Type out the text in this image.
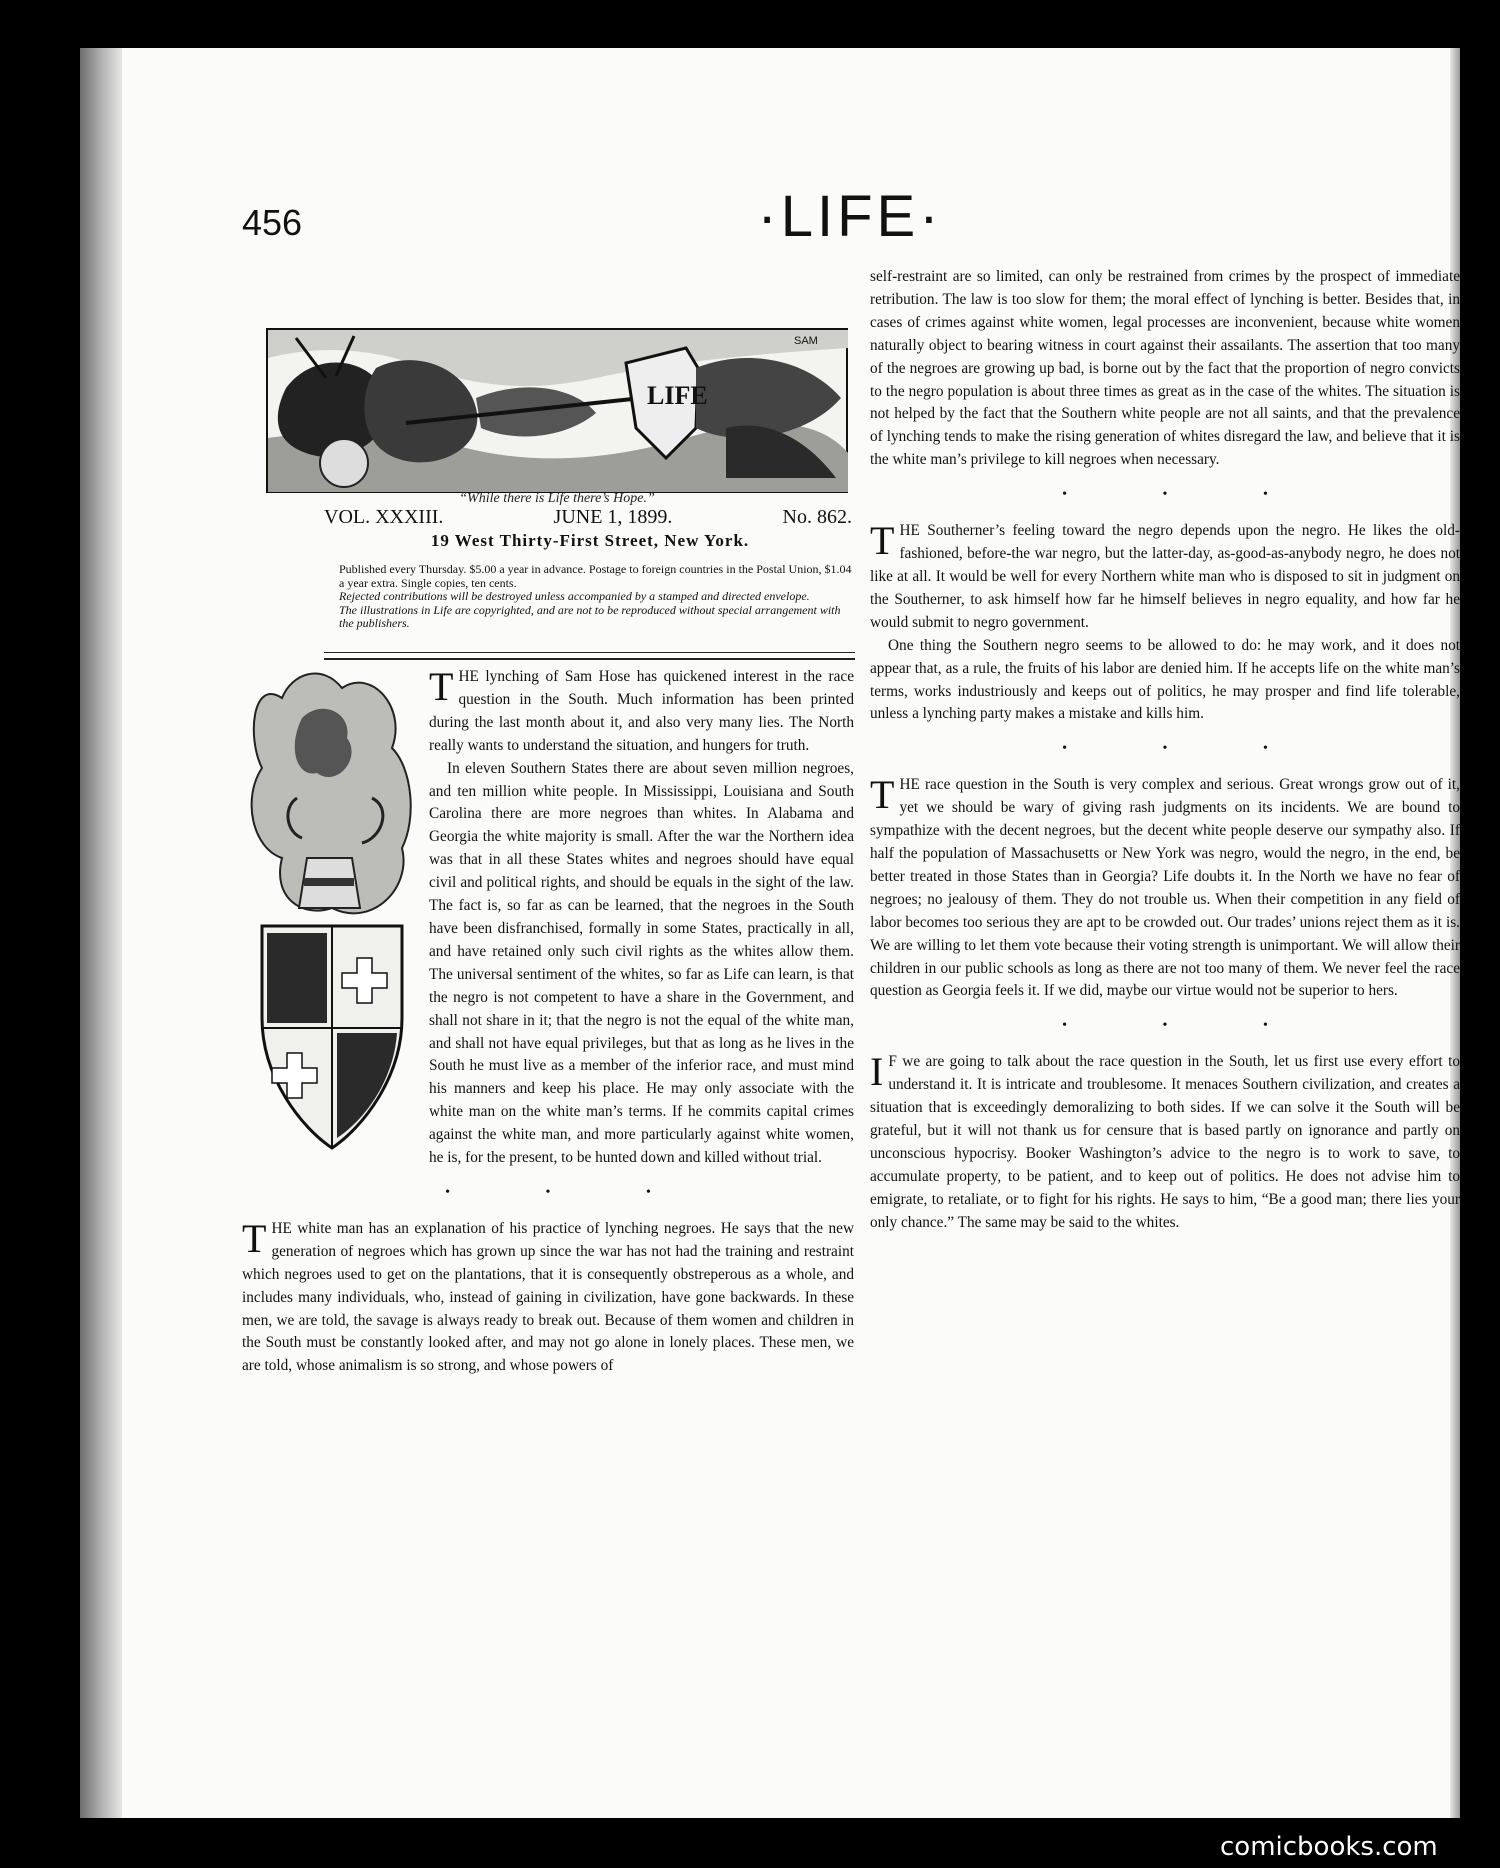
456	·LIFE·
LIFE
SAM
“While there is Life there’s Hope.”
VOL. XXXIII.	JUNE 1, 1899.	No. 862.
19 West Thirty-First Street, New York.

Published every Thursday. $5.00 a year in advance. Postage to foreign countries in the Postal Union, $1.04 a year extra. Single copies, ten cents.

Rejected contributions will be destroyed unless accompanied by a stamped and directed envelope.

The illustrations in Life are copyrighted, and are not to be reproduced without special arrangement with the publishers.

THE lynching of Sam Hose has quickened interest in the race question in the South. Much information has been printed during the last month about it, and also very many lies. The North really wants to understand the situation, and hungers for truth.

In eleven Southern States there are about seven million negroes, and ten million white people. In Mississippi, Louisiana and South Carolina there are more negroes than whites. In Alabama and Georgia the white majority is small. After the war the Northern idea was that in all these States whites and negroes should have equal civil and political rights, and should be equals in the sight of the law. The fact is, so far as can be learned, that the negroes in the South have been disfranchised, formally in some States, practically in all, and have retained only such civil rights as the whites allow them. The universal sentiment of the whites, so far as Life can learn, is that the negro is not competent to have a share in the Government, and shall not share in it; that the negro is not the equal of the white man, and shall not have equal privileges, but that as long as he lives in the South he must live as a member of the inferior race, and must mind his manners and keep his place. He may only associate with the white man on the white man’s terms. If he commits capital crimes against the white man, and more particularly against white women, he is, for the present, to be hunted down and killed without trial.

• • •

THE white man has an explanation of his practice of lynching negroes. He says that the new generation of negroes which has grown up since the war has not had the training and restraint which negroes used to get on the plantations, that it is consequently obstreperous as a whole, and includes many individuals, who, instead of gaining in civilization, have gone backwards. In these men, we are told, the savage is always ready to break out. Because of them women and children in the South must be constantly looked after, and may not go alone in lonely places. These men, we are told, whose animalism is so strong, and whose powers of

self-restraint are so limited, can only be restrained from crimes by the prospect of immediate retribution. The law is too slow for them; the moral effect of lynching is better. Besides that, in cases of crimes against white women, legal processes are inconvenient, because white women naturally object to bearing witness in court against their assailants. The assertion that too many of the negroes are growing up bad, is borne out by the fact that the proportion of negro convicts to the negro population is about three times as great as in the case of the whites. The situation is not helped by the fact that the Southern white people are not all saints, and that the prevalence of lynching tends to make the rising generation of whites disregard the law, and believe that it is the white man’s privilege to kill negroes when necessary.

• • •

THE Southerner’s feeling toward the negro depends upon the negro. He likes the old-fashioned, before-the war negro, but the latter-day, as-good-as-anybody negro, he does not like at all. It would be well for every Northern white man who is disposed to sit in judgment on the Southerner, to ask himself how far he himself believes in negro equality, and how far he would submit to negro government.

One thing the Southern negro seems to be allowed to do: he may work, and it does not appear that, as a rule, the fruits of his labor are denied him. If he accepts life on the white man’s terms, works industriously and keeps out of politics, he may prosper and find life tolerable, unless a lynching party makes a mistake and kills him.

• • •

THE race question in the South is very complex and serious. Great wrongs grow out of it, yet we should be wary of giving rash judgments on its incidents. We are bound to sympathize with the decent negroes, but the decent white people deserve our sympathy also. If half the population of Massachusetts or New York was negro, would the negro, in the end, be better treated in those States than in Georgia? Life doubts it. In the North we have no fear of negroes; no jealousy of them. They do not trouble us. When their competition in any field of labor becomes too serious they are apt to be crowded out. Our trades’ unions reject them as it is. We are willing to let them vote because their voting strength is unimportant. We will allow their children in our public schools as long as there are not too many of them. We never feel the race question as Georgia feels it. If we did, maybe our virtue would not be superior to hers.

• • •

I F we are going to talk about the race question in the South, let us first use every effort to understand it. It is intricate and troublesome. It menaces Southern civilization, and creates a situation that is exceedingly demoralizing to both sides. If we can solve it the South will be grateful, but it will not thank us for censure that is based partly on ignorance and partly on unconscious hypocrisy. Booker Washington’s advice to the negro is to work to save, to accumulate property, to be patient, and to keep out of politics. He does not advise him to emigrate, to retaliate, or to fight for his rights. He says to him, “Be a good man; there lies your only chance.” The same may be said to the whites.

comicbooks.com
